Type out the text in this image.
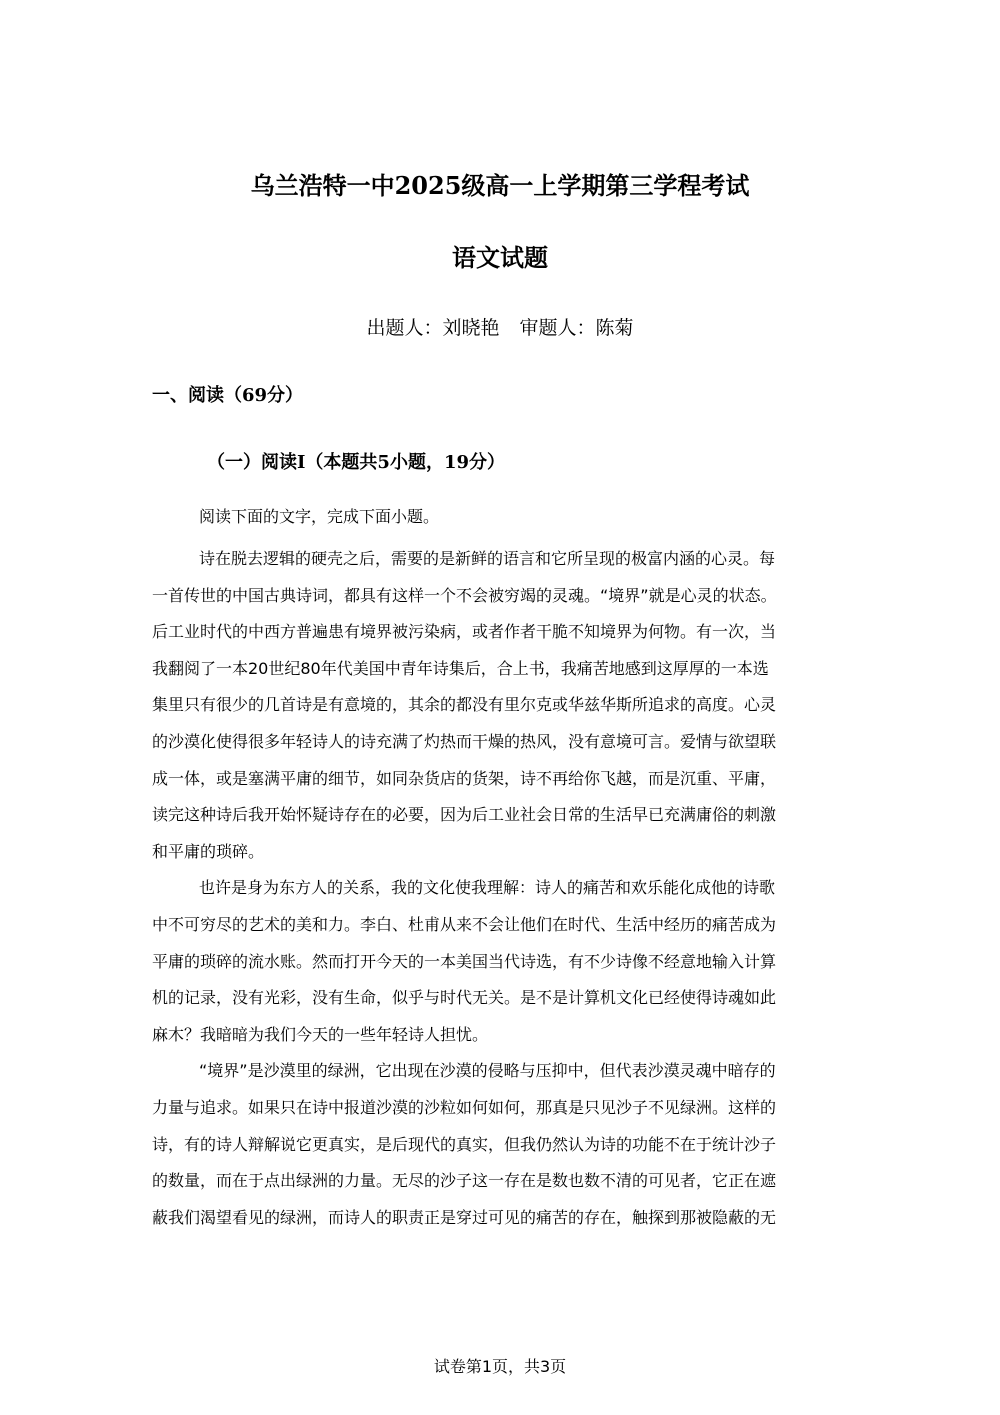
乌兰浩特一中2025级高一上学期第三学程考试
语文试题
出题人：刘晓艳 审题人：陈菊
一、阅读（69分）
（一）阅读Ⅰ（本题共5小题，19分）
阅读下面的文字，完成下面小题。

诗在脱去逻辑的硬壳之后，需要的是新鲜的语言和它所呈现的极富内涵的心灵。每

一首传世的中国古典诗词，都具有这样一个不会被穷竭的灵魂。“境界”就是心灵的状态。

后工业时代的中西方普遍患有境界被污染病，或者作者干脆不知境界为何物。有一次，当

我翻阅了一本20世纪80年代美国中青年诗集后，合上书，我痛苦地感到这厚厚的一本选

集里只有很少的几首诗是有意境的，其余的都没有里尔克或华兹华斯所追求的高度。心灵

的沙漠化使得很多年轻诗人的诗充满了灼热而干燥的热风，没有意境可言。爱情与欲望联

成一体，或是塞满平庸的细节，如同杂货店的货架，诗不再给你飞越，而是沉重、平庸，

读完这种诗后我开始怀疑诗存在的必要，因为后工业社会日常的生活早已充满庸俗的刺激

和平庸的琐碎。

也许是身为东方人的关系，我的文化使我理解：诗人的痛苦和欢乐能化成他的诗歌

中不可穷尽的艺术的美和力。李白、杜甫从来不会让他们在时代、生活中经历的痛苦成为

平庸的琐碎的流水账。然而打开今天的一本美国当代诗选，有不少诗像不经意地输入计算

机的记录，没有光彩，没有生命，似乎与时代无关。是不是计算机文化已经使得诗魂如此

麻木？我暗暗为我们今天的一些年轻诗人担忧。

“境界”是沙漠里的绿洲，它出现在沙漠的侵略与压抑中，但代表沙漠灵魂中暗存的

力量与追求。如果只在诗中报道沙漠的沙粒如何如何，那真是只见沙子不见绿洲。这样的

诗，有的诗人辩解说它更真实，是后现代的真实，但我仍然认为诗的功能不在于统计沙子

的数量，而在于点出绿洲的力量。无尽的沙子这一存在是数也数不清的可见者，它正在遮

蔽我们渴望看见的绿洲，而诗人的职责正是穿过可见的痛苦的存在，触探到那被隐蔽的无

试卷第1页，共3页
